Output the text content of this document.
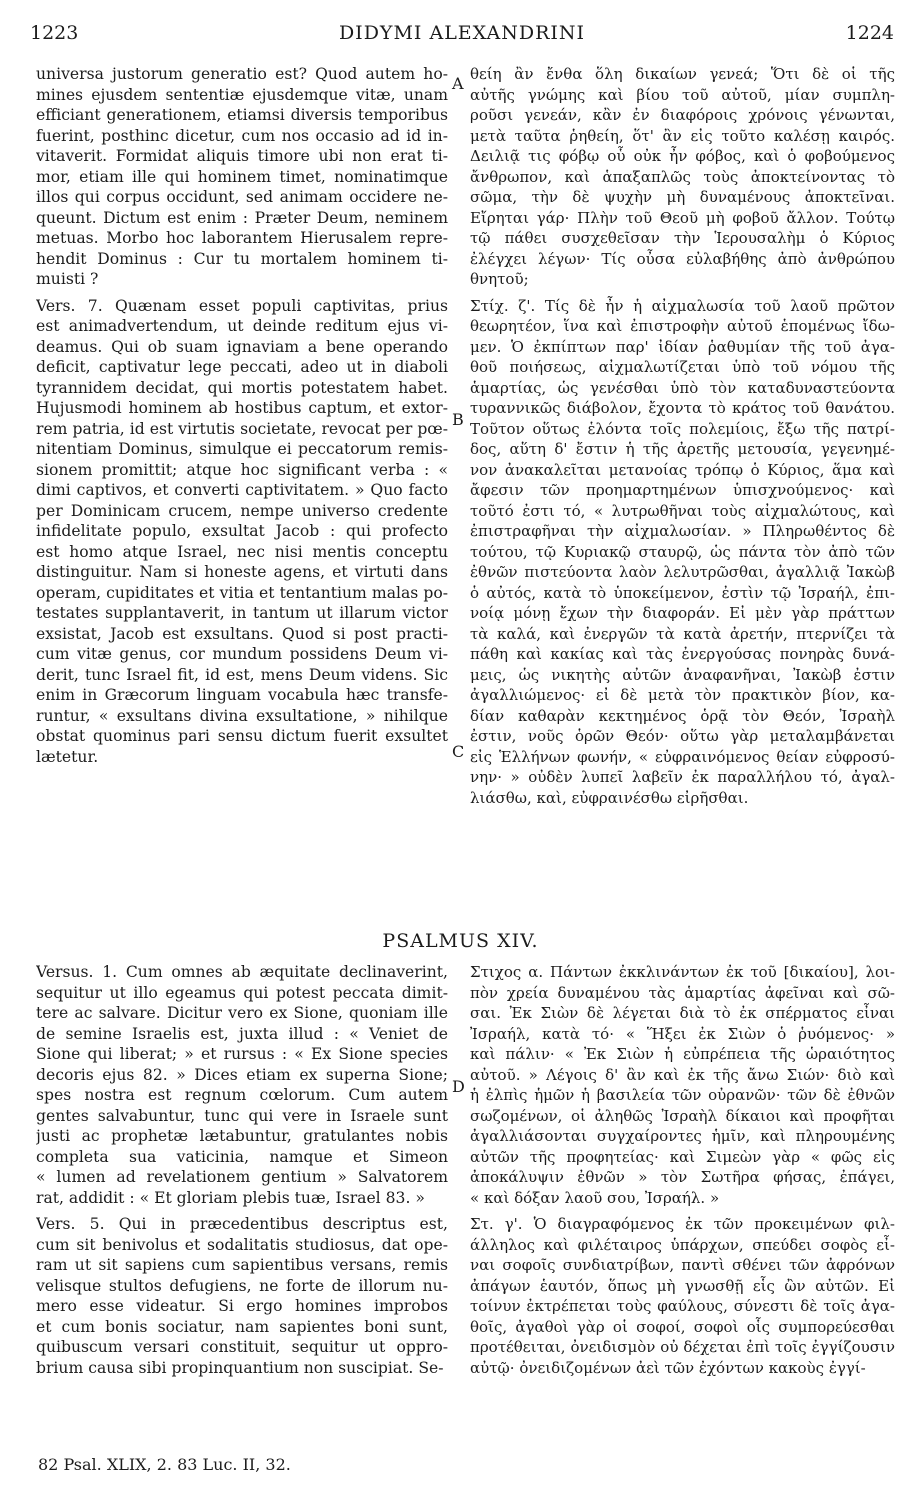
1223	DIDYMI ALEXANDRINI	1224
universa justorum generatio est? Quod autem ho-
mines ejusdem sententiæ ejusdemque vitæ, unam
efficiant generationem, etiamsi diversis temporibus
fuerint, posthinc dicetur, cum nos occasio ad id in-
vitaverit. Formidat aliquis timore ubi non erat ti-
mor, etiam ille qui hominem timet, nominatimque
illos qui corpus occidunt, sed animam occidere ne-
queunt. Dictum est enim : Præter Deum, neminem
metuas. Morbo hoc laborantem Hierusalem repre-
hendit Dominus : Cur tu mortalem hominem ti-
muisti ?
Vers. 7. Quænam esset populi captivitas, prius
est animadvertendum, ut deinde reditum ejus vi-
deamus. Qui ob suam ignaviam a bene operando
deficit, captivatur lege peccati, adeo ut in diaboli
tyrannidem decidat, qui mortis potestatem habet.
Hujusmodi hominem ab hostibus captum, et extor-
rem patria, id est virtutis societate, revocat per pœ-
nitentiam Dominus, simulque ei peccatorum remis-
sionem promittit; atque hoc significant verba : «
dimi captivos, et converti captivitatem. » Quo facto
per Dominicam crucem, nempe universo credente
infidelitate populo, exsultat Jacob : qui profecto
est homo atque Israel, nec nisi mentis conceptu
distinguitur. Nam si honeste agens, et virtuti dans
operam, cupiditates et vitia et tentantium malas po-
testates supplantaverit, in tantum ut illarum victor
exsistat, Jacob est exsultans. Quod si post practi-
cum vitæ genus, cor mundum possidens Deum vi-
derit, tunc Israel fit, id est, mens Deum videns. Sic
enim in Græcorum linguam vocabula hæc transfe-
runtur, « exsultans divina exsultatione, » nihilque
obstat quominus pari sensu dictum fuerit exsultet
lætetur.
θείη ἂν ἔνθα ὅλη δικαίων γενεά; Ὅτι δὲ οἱ τῆς
αὐτῆς γνώμης καὶ βίου τοῦ αὐτοῦ, μίαν συμπλη-
ροῦσι γενεάν, κἂν ἐν διαφόροις χρόνοις γένωνται,
μετὰ ταῦτα ῥηθείη, ὅτ' ἂν εἰς τοῦτο καλέσῃ καιρός.
Δειλιᾷ τις φόβῳ οὗ οὐκ ἦν φόβος, καὶ ὁ φοβούμενος
ἄνθρωπον, καὶ ἁπαξαπλῶς τοὺς ἀποκτείνοντας τὸ
σῶμα, τὴν δὲ ψυχὴν μὴ δυναμένους ἀποκτεῖναι.
Εἴρηται γάρ· Πλὴν τοῦ Θεοῦ μὴ φοβοῦ ἄλλον. Τούτῳ
τῷ πάθει συσχεθεῖσαν τὴν Ἱερουσαλὴμ ὁ Κύριος
ἐλέγχει λέγων· Τίς οὖσα εὐλαβήθης ἀπὸ ἀνθρώπου
θνητοῦ;
Στίχ. ζ'. Τίς δὲ ἦν ἡ αἰχμαλωσία τοῦ λαοῦ πρῶτον
θεωρητέον, ἵνα καὶ ἐπιστροφὴν αὐτοῦ ἑπομένως ἴδω-
μεν. Ὁ ἐκπίπτων παρ' ἰδίαν ῥαθυμίαν τῆς τοῦ ἀγα-
θοῦ ποιήσεως, αἰχμαλωτίζεται ὑπὸ τοῦ νόμου τῆς
ἁμαρτίας, ὡς γενέσθαι ὑπὸ τὸν καταδυναστεύοντα
τυραννικῶς διάβολον, ἔχοντα τὸ κράτος τοῦ θανάτου.
Τοῦτον οὕτως ἑλόντα τοῖς πολεμίοις, ἔξω τῆς πατρί-
δος, αὕτη δ' ἔστιν ἡ τῆς ἀρετῆς μετουσία, γεγενημέ-
νον ἀνακαλεῖται μετανοίας τρόπῳ ὁ Κύριος, ἅμα καὶ
ἄφεσιν τῶν προημαρτημένων ὑπισχνούμενος· καὶ
τοῦτό ἐστι τό, « λυτρωθῆναι τοὺς αἰχμαλώτους, καὶ
ἐπιστραφῆναι τὴν αἰχμαλωσίαν. » Πληρωθέντος δὲ
τούτου, τῷ Κυριακῷ σταυρῷ, ὡς πάντα τὸν ἀπὸ τῶν
ἐθνῶν πιστεύοντα λαὸν λελυτρῶσθαι, ἀγαλλιᾷ Ἰακὼβ
ὁ αὐτός, κατὰ τὸ ὑποκείμενον, ἐστὶν τῷ Ἰσραήλ, ἐπι-
νοίᾳ μόνῃ ἔχων τὴν διαφοράν. Εἰ μὲν γὰρ πράττων
τὰ καλά, καὶ ἐνεργῶν τὰ κατὰ ἀρετήν, πτερνίζει τὰ
πάθη καὶ κακίας καὶ τὰς ἐνεργούσας πονηρὰς δυνά-
μεις, ὡς νικητὴς αὐτῶν ἀναφανῆναι, Ἰακὼβ ἐστιν
ἀγαλλιώμενος· εἰ δὲ μετὰ τὸν πρακτικὸν βίον, κα-
δίαν καθαρὰν κεκτημένος ὁρᾷ τὸν Θεόν, Ἰσραὴλ
ἐστιν, νοῦς ὁρῶν Θεόν· οὕτω γὰρ μεταλαμβάνεται
εἰς Ἑλλήνων φωνήν, « εὐφραινόμενος θείαν εὐφροσύ-
νην· » οὐδὲν λυπεῖ λαβεῖν ἐκ παραλλήλου τό, ἀγαλ-
λιάσθω, καὶ, εὐφραινέσθω εἰρῆσθαι.
A
B
C
D
PSALMUS XIV.
Versus. 1. Cum omnes ab æquitate declinaverint,
sequitur ut illo egeamus qui potest peccata dimit-
tere ac salvare. Dicitur vero ex Sione, quoniam ille
de semine Israelis est, juxta illud : « Veniet de
Sione qui liberat; » et rursus : « Ex Sione species
decoris ejus 82. » Dices etiam ex superna Sione;
spes nostra est regnum cœlorum. Cum autem
gentes salvabuntur, tunc qui vere in Israele sunt
justi ac prophetæ lætabuntur, gratulantes nobis
completa sua vaticinia, namque et Simeon
« lumen ad revelationem gentium » Salvatorem
rat, addidit : « Et gloriam plebis tuæ, Israel 83. »
Vers. 5. Qui in præcedentibus descriptus est,
cum sit benivolus et sodalitatis studiosus, dat ope-
ram ut sit sapiens cum sapientibus versans, remis
velisque stultos defugiens, ne forte de illorum nu-
mero esse videatur. Si ergo homines improbos
et cum bonis sociatur, nam sapientes boni sunt,
quibuscum versari constituit, sequitur ut oppro-
brium causa sibi propinquantium non suscipiat. Se-
Στιχος α. Πάντων ἐκκλινάντων ἐκ τοῦ [δικαίου], λοι-
πὸν χρεία δυναμένου τὰς ἁμαρτίας ἀφεῖναι καὶ σῶ-
σαι. Ἐκ Σιὼν δὲ λέγεται διὰ τὸ ἐκ σπέρματος εἶναι
Ἰσραήλ, κατὰ τό· « Ἥξει ἐκ Σιὼν ὁ ῥυόμενος· »
καὶ πάλιν· « Ἐκ Σιὼν ἡ εὐπρέπεια τῆς ὡραιότητος
αὐτοῦ. » Λέγοις δ' ἂν καὶ ἐκ τῆς ἄνω Σιών· διὸ καὶ
ἡ ἐλπὶς ἡμῶν ἡ βασιλεία τῶν οὐρανῶν· τῶν δὲ ἐθνῶν
σωζομένων, οἱ ἀληθῶς Ἰσραὴλ δίκαιοι καὶ προφῆται
ἀγαλλιάσονται συγχαίροντες ἡμῖν, καὶ πληρουμένης
αὐτῶν τῆς προφητείας· καὶ Σιμεὼν γὰρ « φῶς εἰς
ἀποκάλυψιν ἐθνῶν » τὸν Σωτῆρα φήσας, ἐπάγει,
« καὶ δόξαν λαοῦ σου, Ἰσραήλ. »
Στ. γ'. Ὁ διαγραφόμενος ἐκ τῶν προκειμένων φιλ-
άλληλος καὶ φιλέταιρος ὑπάρχων, σπεύδει σοφὸς εἶ-
ναι σοφοῖς συνδιατρίβων, παντὶ σθένει τῶν ἀφρόνων
ἀπάγων ἑαυτόν, ὅπως μὴ γνωσθῇ εἷς ὢν αὐτῶν. Εἰ
τοίνυν ἐκτρέπεται τοὺς φαύλους, σύνεστι δὲ τοῖς ἀγα-
θοῖς, ἀγαθοὶ γὰρ οἱ σοφοί, σοφοὶ οἷς συμπορεύεσθαι
προτέθειται, ὀνειδισμὸν οὐ δέχεται ἐπὶ τοῖς ἐγγίζουσιν
αὐτῷ· ὀνειδιζομένων ἀεὶ τῶν ἐχόντων κακοὺς ἐγγί-
82 Psal. XLIX, 2. 83 Luc. II, 32.
